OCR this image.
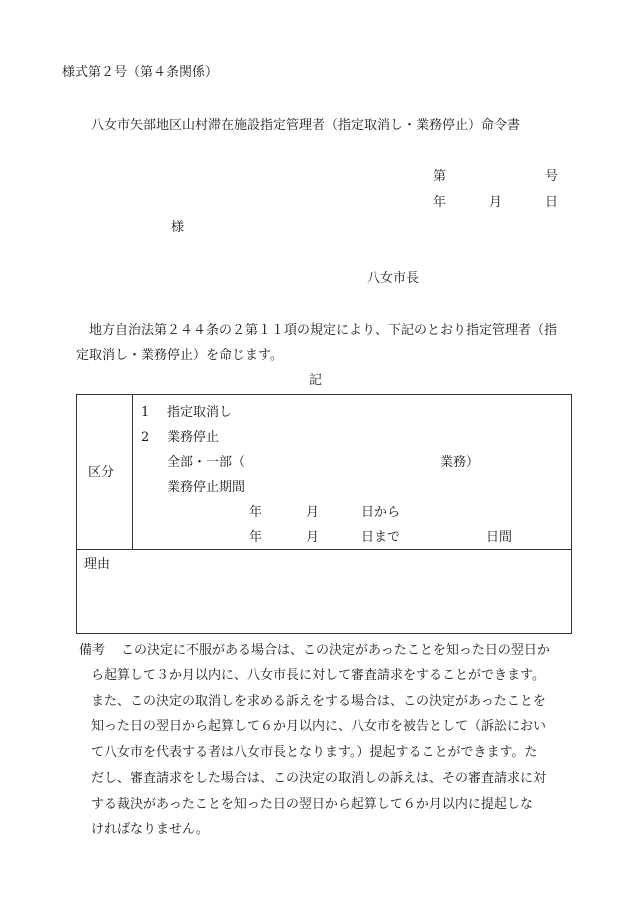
様式第２号（第４条関係）
八女市矢部地区山村滞在施設指定管理者（指定取消し・業務停止）命令書
第	号
年	月	日
様
八女市長
地方自治法第２４４条の２第１１項の規定により、下記のとおり指定管理者（指
定取消し・業務停止）を命じます。
記
区分
1 指定取消し
2 業務停止
全部・一部（	業務）
業務停止期間
年	月	日から
年	月	日まで	日間
理由
備考 この決定に不服がある場合は、この決定があったことを知った日の翌日か
ら起算して３か月以内に、八女市長に対して審査請求をすることができます。
また、この決定の取消しを求める訴えをする場合は、この決定があったことを
知った日の翌日から起算して６か月以内に、八女市を被告として（訴訟におい
て八女市を代表する者は八女市長となります。）提起することができます。た
だし、審査請求をした場合は、この決定の取消しの訴えは、その審査請求に対
する裁決があったことを知った日の翌日から起算して６か月以内に提起しな
ければなりません。
